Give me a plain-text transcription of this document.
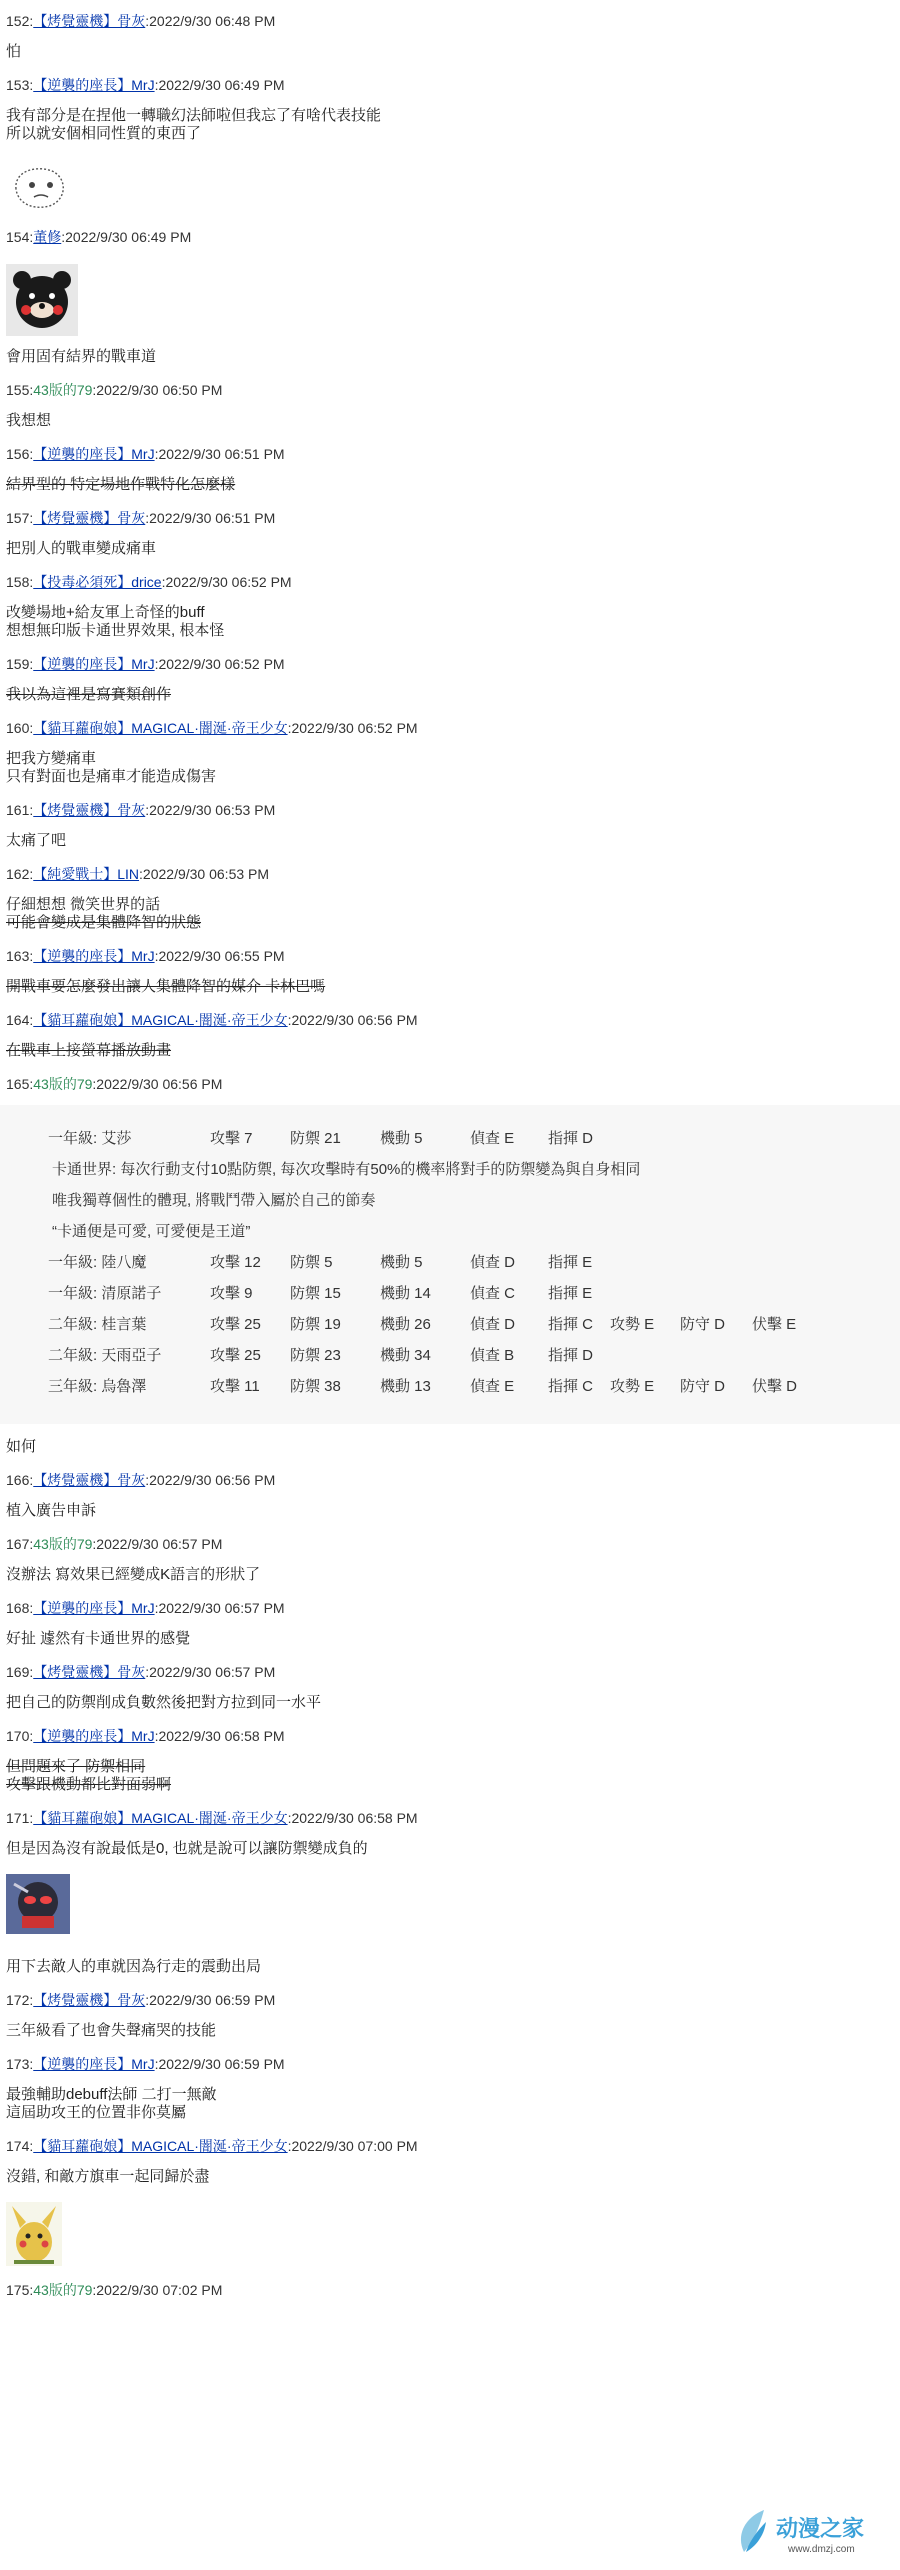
152:【烤覺靈機】骨灰:2022/9/30 06:48 PM
怕
153:【逆襲的座長】MrJ:2022/9/30 06:49 PM
我有部分是在捏他一轉職幻法師啦但我忘了有啥代表技能
所以就安個相同性質的東西了
154:董修:2022/9/30 06:49 PM
會用固有結界的戰車道
155:43版的79:2022/9/30 06:50 PM
我想想
156:【逆襲的座長】MrJ:2022/9/30 06:51 PM
結界型的 特定場地作戰特化怎麼樣
157:【烤覺靈機】骨灰:2022/9/30 06:51 PM
把別人的戰車變成痛車
158:【投毒必須死】drice:2022/9/30 06:52 PM
改變場地+給友軍上奇怪的buff
想想無印版卡通世界效果, 根本怪
159:【逆襲的座長】MrJ:2022/9/30 06:52 PM
我以為這裡是寫賽類創作
160:【貓耳蘿砲娘】MAGICAL·闇涎·帝王少女:2022/9/30 06:52 PM
把我方變痛車
只有對面也是痛車才能造成傷害
161:【烤覺靈機】骨灰:2022/9/30 06:53 PM
太痛了吧
162:【純愛戰士】LIN:2022/9/30 06:53 PM
仔細想想 微笑世界的話
可能會變成是集體降智的狀態
163:【逆襲的座長】MrJ:2022/9/30 06:55 PM
開戰車要怎麼發出讓人集體降智的媒介 卡林巴嗎
164:【貓耳蘿砲娘】MAGICAL·闇涎·帝王少女:2022/9/30 06:56 PM
在戰車上接螢幕播放動畫
165:43版的79:2022/9/30 06:56 PM
一年級: 艾莎	攻擊 7 防禦 21	機動 5	偵查 E 指揮 D
卡通世界: 每次行動支付10點防禦, 每次攻擊時有50%的機率將對手的防禦變為與自身相同
唯我獨尊個性的體現, 將戰鬥帶入屬於自己的節奏
“卡通便是可愛, 可愛便是王道”
一年級: 陸八魔	攻擊 12 防禦 5	機動 5	偵查 D 指揮 E
一年級: 清原諾子	攻擊 9 防禦 15	機動 14	偵查 C 指揮 E
二年級: 桂言葉	攻擊 25 防禦 19	機動 26	偵查 D 指揮 C 攻勢 E 防守 D 伏擊 E
二年級: 天雨亞子	攻擊 25 防禦 23	機動 34	偵查 B 指揮 D
三年級: 烏魯澤	攻擊 11 防禦 38	機動 13	偵查 E 指揮 C 攻勢 E 防守 D 伏擊 D
如何
166:【烤覺靈機】骨灰:2022/9/30 06:56 PM
植入廣告申訴
167:43版的79:2022/9/30 06:57 PM
沒辦法 寫效果已經變成K語言的形狀了
168:【逆襲的座長】MrJ:2022/9/30 06:57 PM
好扯 遽然有卡通世界的感覺
169:【烤覺靈機】骨灰:2022/9/30 06:57 PM
把自己的防禦削成負數然後把對方拉到同一水平
170:【逆襲的座長】MrJ:2022/9/30 06:58 PM
但問題來了 防禦相同
攻擊跟機動都比對面弱啊
171:【貓耳蘿砲娘】MAGICAL·闇涎·帝王少女:2022/9/30 06:58 PM
但是因為沒有說最低是0, 也就是說可以讓防禦變成負的
用下去敵人的車就因為行走的震動出局
172:【烤覺靈機】骨灰:2022/9/30 06:59 PM
三年級看了也會失聲痛哭的技能
173:【逆襲的座長】MrJ:2022/9/30 06:59 PM
最強輔助debuff法師 二打一無敵
這屆助攻王的位置非你莫屬
174:【貓耳蘿砲娘】MAGICAL·闇涎·帝王少女:2022/9/30 07:00 PM
沒錯, 和敵方旗車一起同歸於盡
175:43版的79:2022/9/30 07:02 PM
动漫之家
www.dmzj.com
